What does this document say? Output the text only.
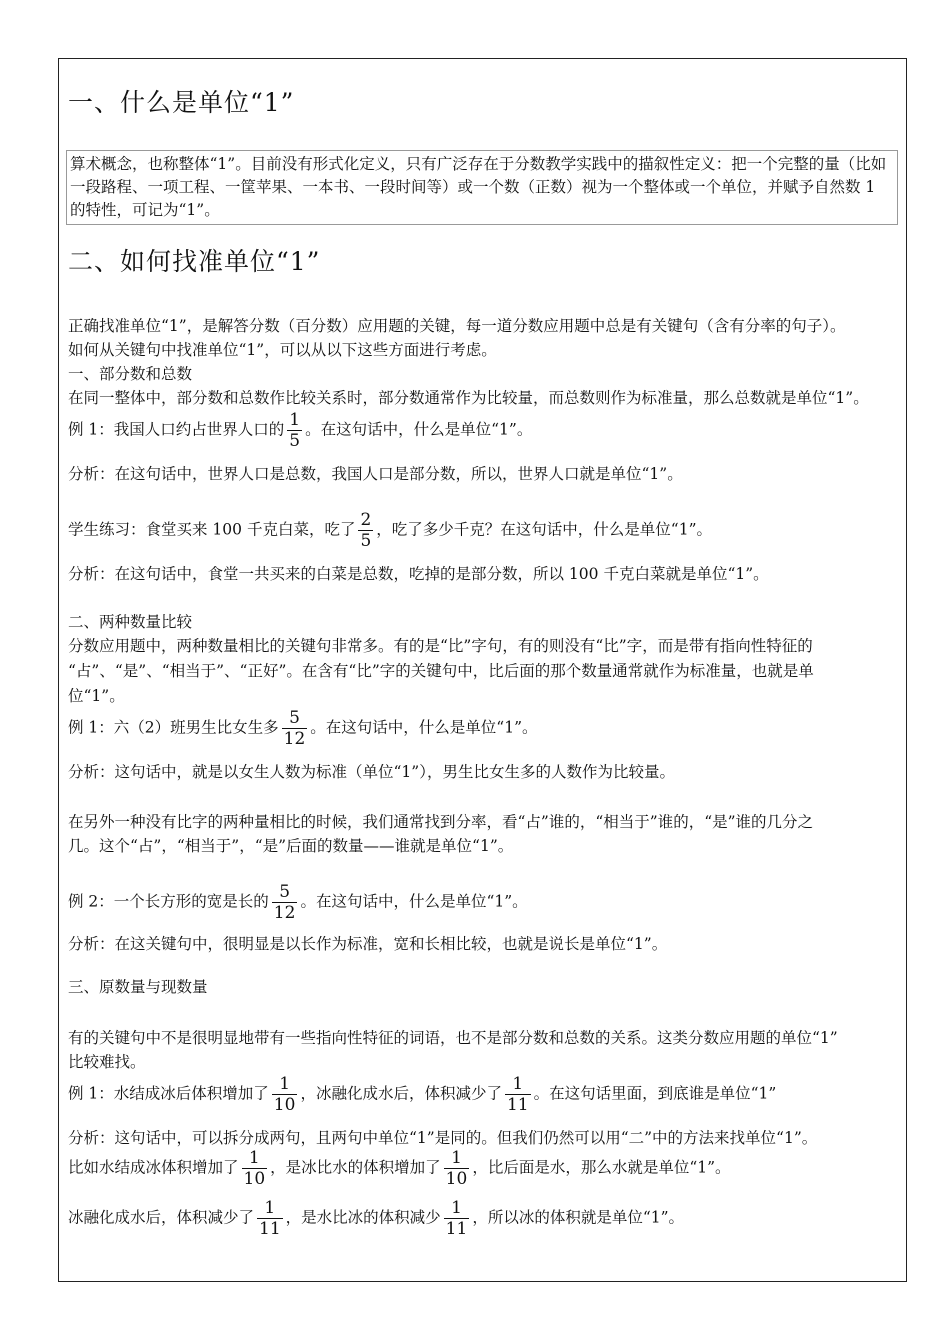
一、什么是单位“1”
算术概念，也称整体“1”。目前没有形式化定义，只有广泛存在于分数教学实践中的描叙性定义：把一个完整的量（比如一段路程、一项工程、一筐苹果、一本书、一段时间等）或一个数（正数）视为一个整体或一个单位，并赋予自然数 1 的特性，可记为“1”。
二、如何找准单位“1”
正确找准单位“1”，是解答分数（百分数）应用题的关键，每一道分数应用题中总是有关键句（含有分率的句子）。
如何从关键句中找准单位“1”，可以从以下这些方面进行考虑。
一、部分数和总数
在同一整体中，部分数和总数作比较关系时，部分数通常作为比较量，而总数则作为标准量，那么总数就是单位“1”。
例 1：我国人口约占世界人口的 $\frac{1}{5}$ 。在这句话中，什么是单位“1”。
分析：在这句话中，世界人口是总数，我国人口是部分数，所以，世界人口就是单位“1”。
学生练习：食堂买来 100 千克白菜，吃了 $\frac{2}{5}$ ，吃了多少千克？在这句话中，什么是单位“1”。
分析：在这句话中，食堂一共买来的白菜是总数，吃掉的是部分数，所以 100 千克白菜就是单位“1”。
二、两种数量比较
分数应用题中，两种数量相比的关键句非常多。有的是“比”字句，有的则没有“比”字，而是带有指向性特征的
“占”、“是”、“相当于”、“正好”。在含有“比”字的关键句中，比后面的那个数量通常就作为标准量，也就是单
位“1”。
例 1：六（2）班男生比女生多 $\frac{5}{12}$ 。在这句话中，什么是单位“1”。
分析：这句话中，就是以女生人数为标准（单位“1”），男生比女生多的人数作为比较量。
在另外一种没有比字的两种量相比的时候，我们通常找到分率，看“占”谁的，“相当于”谁的，“是”谁的几分之
几。这个“占”，“相当于”，“是”后面的数量——谁就是单位“1”。
例 2：一个长方形的宽是长的 $\frac{5}{12}$ 。在这句话中，什么是单位“1”。
分析：在这关键句中，很明显是以长作为标准，宽和长相比较，也就是说长是单位“1”。
三、原数量与现数量
有的关键句中不是很明显地带有一些指向性特征的词语，也不是部分数和总数的关系。这类分数应用题的单位“1”
比较难找。
例 1：水结成冰后体积增加了 $\frac{1}{10}$ ，冰融化成水后，体积减少了 $\frac{1}{11}$ 。在这句话里面，到底谁是单位“1”
分析：这句话中，可以拆分成两句，且两句中单位“1”是同的。但我们仍然可以用“二”中的方法来找单位“1”。
比如水结成冰体积增加了 $\frac{1}{10}$ ，是冰比水的体积增加了 $\frac{1}{10}$ ，比后面是水，那么水就是单位“1”。
冰融化成水后，体积减少了 $\frac{1}{11}$ ，是水比冰的体积减少 $\frac{1}{11}$ ，所以冰的体积就是单位“1”。
